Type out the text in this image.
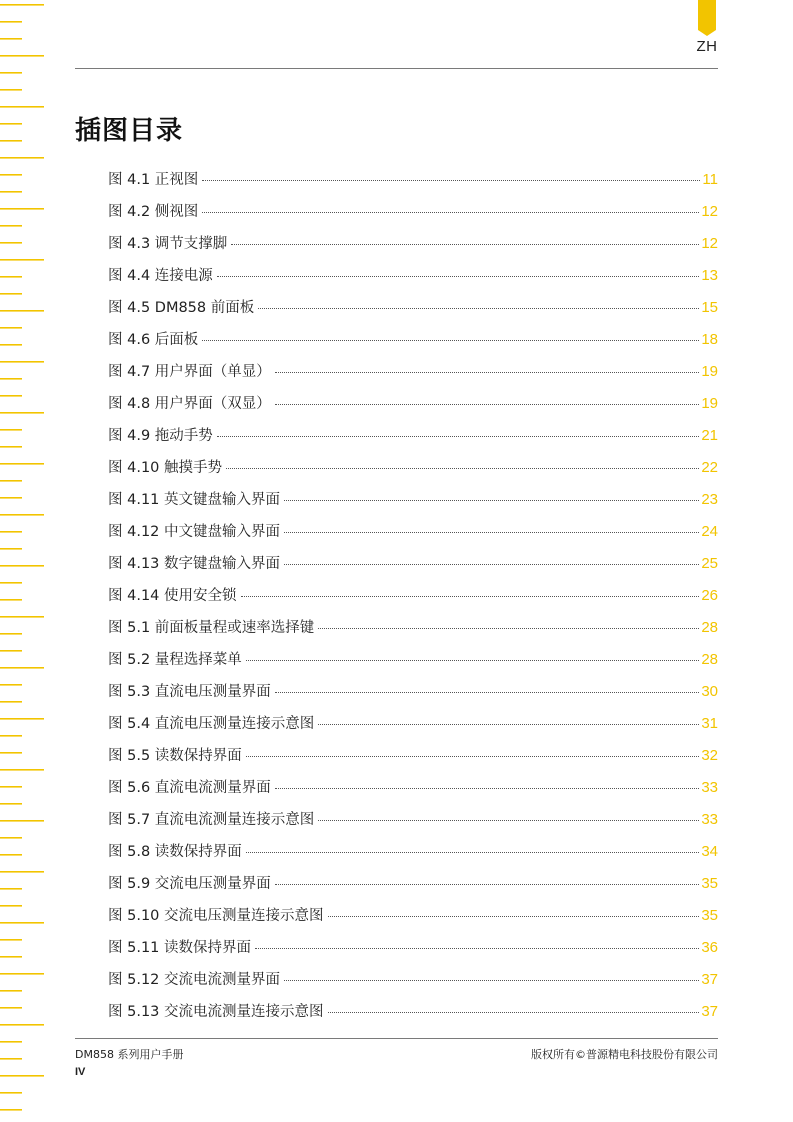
ZH
插图目录
图 4.1 正视图	11
图 4.2 侧视图	12
图 4.3 调节支撑脚	12
图 4.4 连接电源	13
图 4.5 DM858 前面板	15
图 4.6 后面板	18
图 4.7 用户界面（单显）	19
图 4.8 用户界面（双显）	19
图 4.9 拖动手势	21
图 4.10 触摸手势	22
图 4.11 英文键盘输入界面	23
图 4.12 中文键盘输入界面	24
图 4.13 数字键盘输入界面	25
图 4.14 使用安全锁	26
图 5.1 前面板量程或速率选择键	28
图 5.2 量程选择菜单	28
图 5.3 直流电压测量界面	30
图 5.4 直流电压测量连接示意图	31
图 5.5 读数保持界面	32
图 5.6 直流电流测量界面	33
图 5.7 直流电流测量连接示意图	33
图 5.8 读数保持界面	34
图 5.9 交流电压测量界面	35
图 5.10 交流电压测量连接示意图	35
图 5.11 读数保持界面	36
图 5.12 交流电流测量界面	37
图 5.13 交流电流测量连接示意图	37
DM858 系列用户手册	版权所有©普源精电科技股份有限公司
IV
